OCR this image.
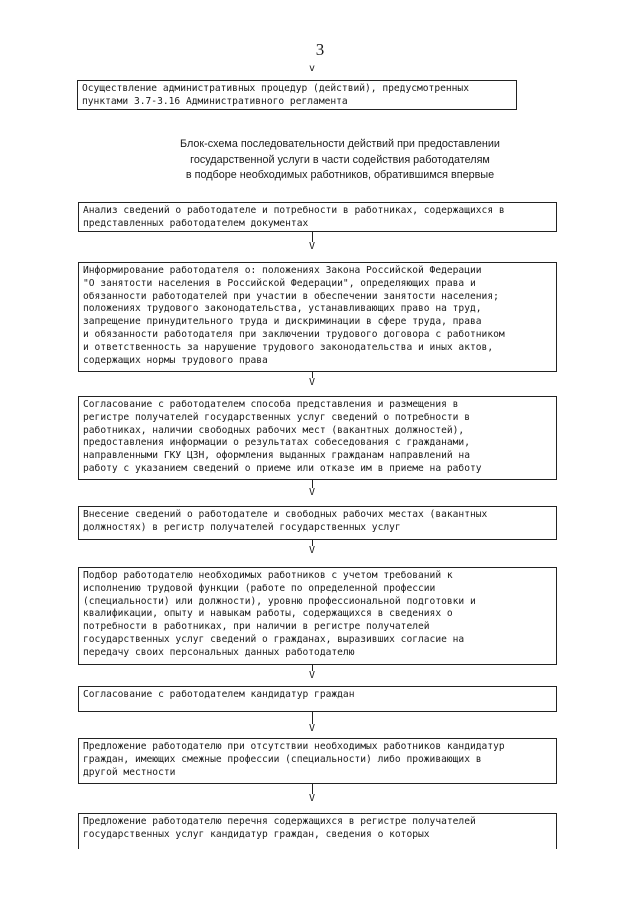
3
v
Осуществление административных процедур (действий), предусмотренных
пунктами 3.7-3.16 Административного регламента
Блок-схема последовательности действий при предоставлении
государственной услуги в части содействия работодателям
в подборе необходимых работников, обратившимся впервые
Анализ сведений о работодателе и потребности в работниках, содержащихся в
представленных работодателем документах
V
Информирование работодателя о: положениях Закона Российской Федерации
"О занятости населения в Российской Федерации", определяющих права и
обязанности работодателей при участии в обеспечении занятости населения;
положениях трудового законодательства, устанавливающих право на труд,
запрещение принудительного труда и дискриминации в сфере труда, права
и обязанности работодателя при заключении трудового договора с работником
и ответственность за нарушение трудового законодательства и иных актов,
содержащих нормы трудового права
V
Согласование с работодателем способа представления и размещения в
регистре получателей государственных услуг сведений о потребности в
работниках, наличии свободных рабочих мест (вакантных должностей),
предоставления информации о результатах собеседования с гражданами,
направленными ГКУ ЦЗН, оформления выданных гражданам направлений на
работу с указанием сведений о приеме или отказе им в приеме на работу
V
Внесение сведений о работодателе и свободных рабочих местах (вакантных
должностях) в регистр получателей государственных услуг
V
Подбор работодателю необходимых работников с учетом требований к
исполнению трудовой функции (работе по определенной профессии
(специальности) или должности), уровню профессиональной подготовки и
квалификации, опыту и навыкам работы, содержащихся в сведениях о
потребности в работниках, при наличии в регистре получателей
государственных услуг сведений о гражданах, выразивших согласие на
передачу своих персональных данных работодателю
V
Согласование с работодателем кандидатур граждан
V
Предложение работодателю при отсутствии необходимых работников кандидатур
граждан, имеющих смежные профессии (специальности) либо проживающих в
другой местности
V
Предложение работодателю перечня содержащихся в регистре получателей
государственных услуг кандидатур граждан, сведения о которых
